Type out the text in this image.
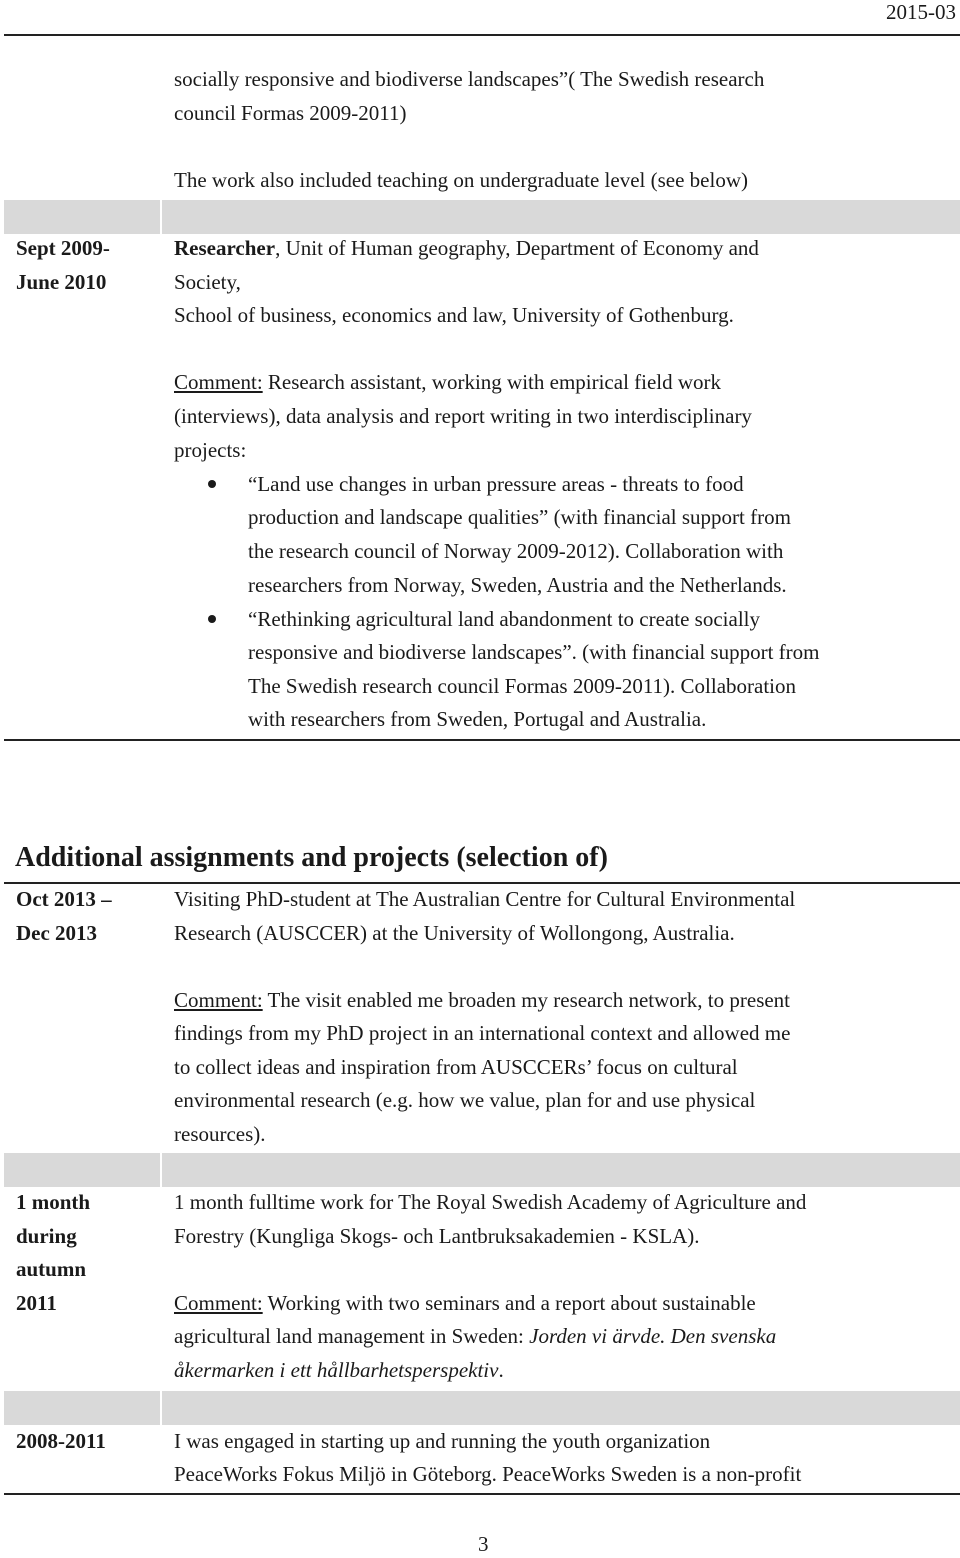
2015-03
socially responsive and biodiverse landscapes”( The Swedish research
council Formas 2009-2011)
The work also included teaching on undergraduate level (see below)
Sept 2009-
June 2010
Researcher, Unit of Human geography, Department of Economy and
Society,
School of business, economics and law, University of Gothenburg.
Comment: Research assistant, working with empirical field work
(interviews), data analysis and report writing in two interdisciplinary
projects:
“Land use changes in urban pressure areas - threats to food
production and landscape qualities” (with financial support from
the research council of Norway 2009-2012). Collaboration with
researchers from Norway, Sweden, Austria and the Netherlands.
“Rethinking agricultural land abandonment to create socially
responsive and biodiverse landscapes”. (with financial support from
The Swedish research council Formas 2009-2011). Collaboration
with researchers from Sweden, Portugal and Australia.
Additional assignments and projects (selection of)
Oct 2013 –
Dec 2013
Visiting PhD-student at The Australian Centre for Cultural Environmental
Research (AUSCCER) at the University of Wollongong, Australia.
Comment: The visit enabled me broaden my research network, to present
findings from my PhD project in an international context and allowed me
to collect ideas and inspiration from AUSCCERs’ focus on cultural
environmental research (e.g. how we value, plan for and use physical
resources).
1 month
during
autumn
2011
1 month fulltime work for The Royal Swedish Academy of Agriculture and
Forestry (Kungliga Skogs- och Lantbruksakademien - KSLA).
Comment: Working with two seminars and a report about sustainable
agricultural land management in Sweden: Jorden vi ärvde. Den svenska
åkermarken i ett hållbarhetsperspektiv.
2008-2011	I was engaged in starting up and running the youth organization
PeaceWorks Fokus Miljö in Göteborg. PeaceWorks Sweden is a non-profit
3
